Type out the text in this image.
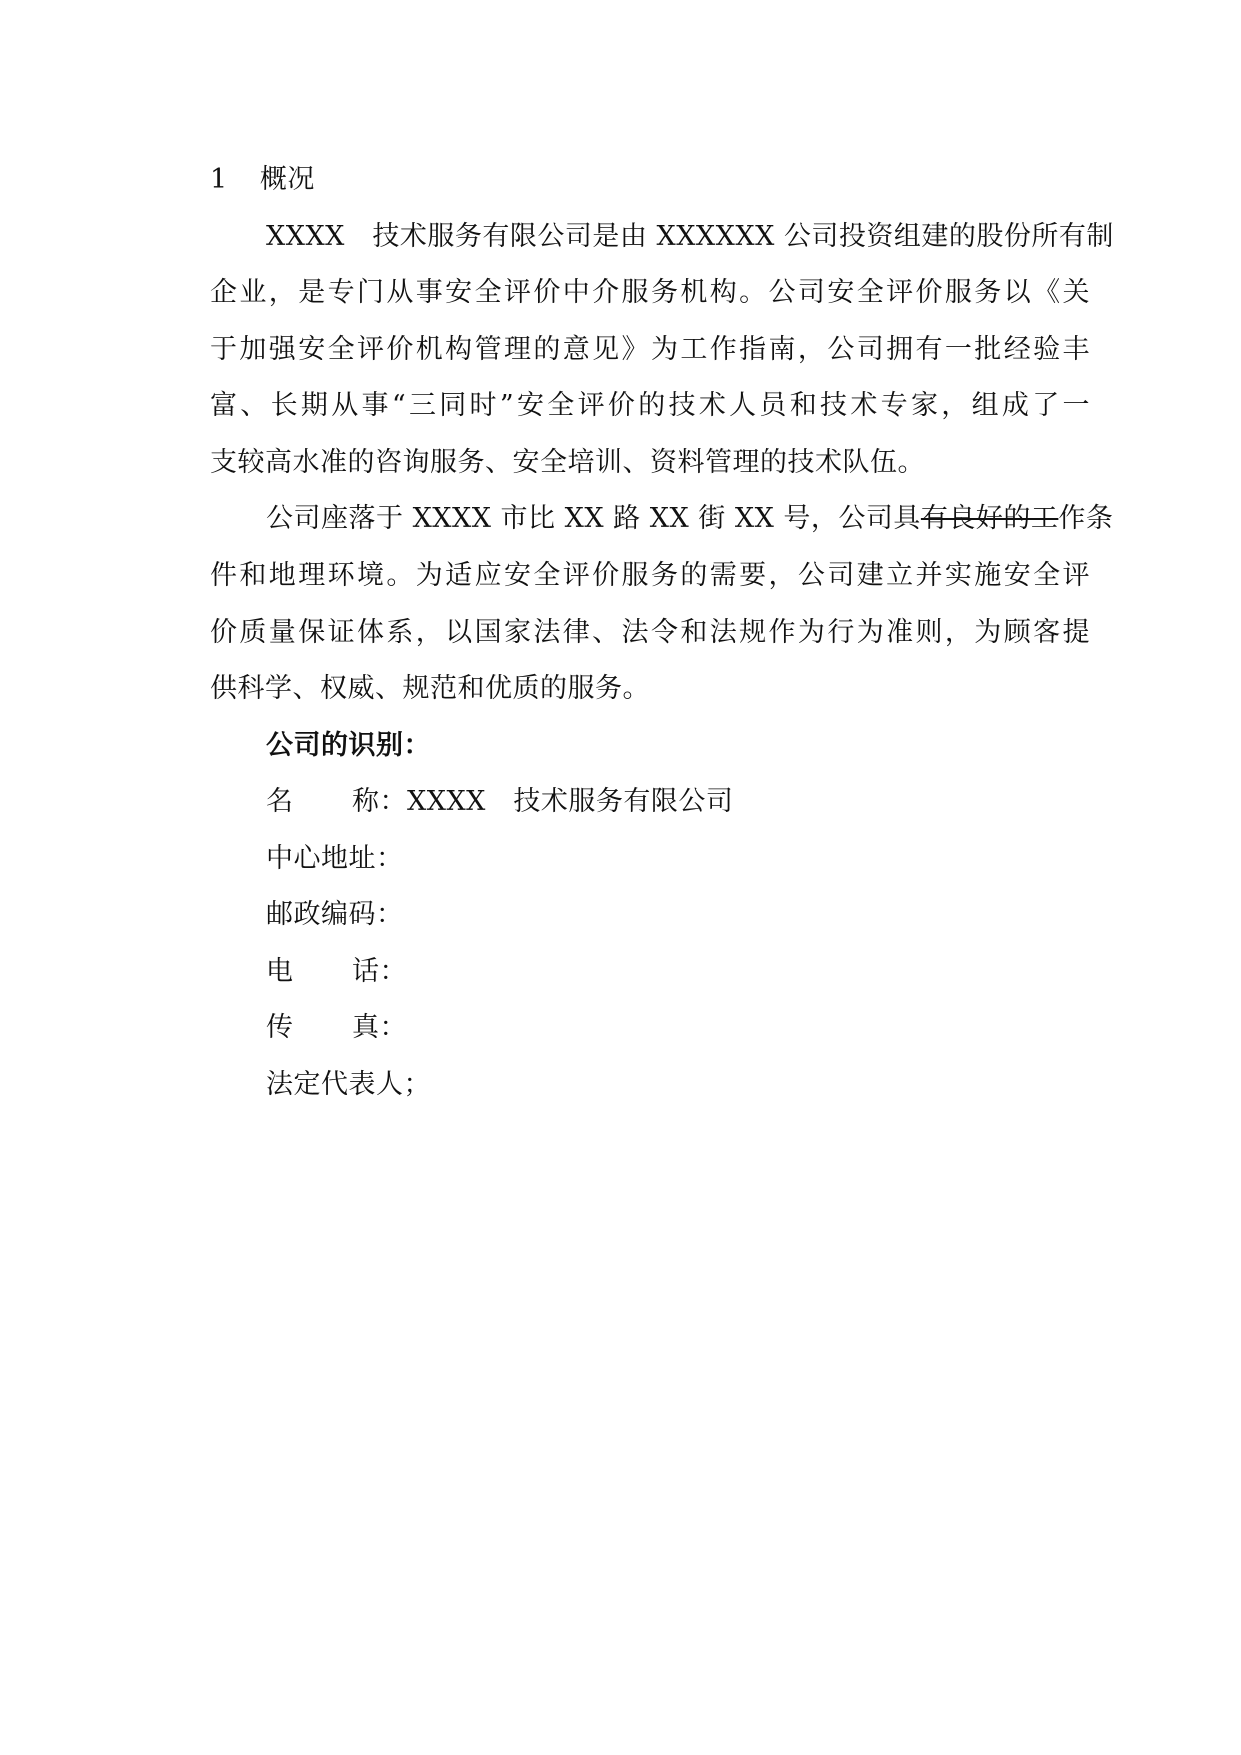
1 概况
XXXX　技术服务有限公司是由 XXXXXX 公司投资组建的股份所有制
企业，是专门从事安全评价中介服务机构。公司安全评价服务以《关
于加强安全评价机构管理的意见》为工作指南，公司拥有一批经验丰
富、长期从事“三同时”安全评价的技术人员和技术专家，组成了一
支较高水准的咨询服务、安全培训、资料管理的技术队伍。
公司座落于 XXXX 市比 XX 路 XX 街 XX 号，公司具有良好的工作条
件和地理环境。为适应安全评价服务的需要，公司建立并实施安全评
价质量保证体系，以国家法律、法令和法规作为行为准则，为顾客提
供科学、权威、规范和优质的服务。
公司的识别：
名 称：XXXX　技术服务有限公司
中心地址：
邮政编码：
电 话：
传 真：
法定代表人；
